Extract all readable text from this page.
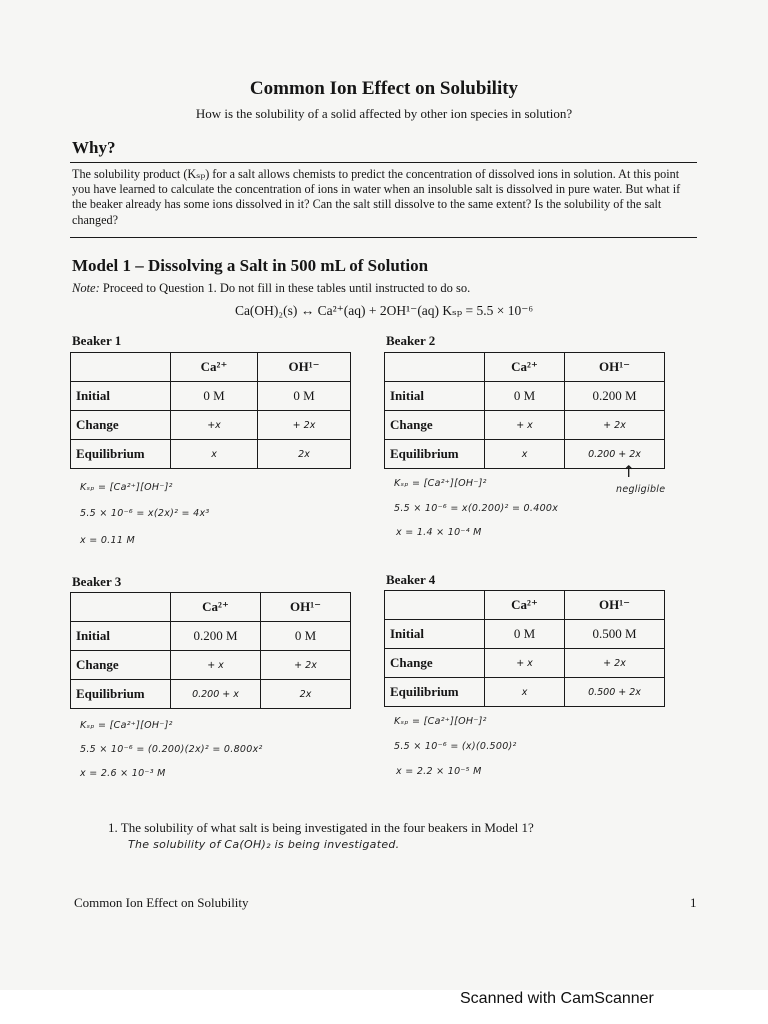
Common Ion Effect on Solubility
How is the solubility of a solid affected by other ion species in solution?
Why?
The solubility product (Kₛₚ) for a salt allows chemists to predict the concentration of dissolved ions in solution. At this point you have learned to calculate the concentration of ions in water when an insoluble salt is dissolved in pure water. But what if the beaker already has some ions dissolved in it? Can the salt still dissolve to the same extent? Is the solubility of the salt changed?
Model 1 – Dissolving a Salt in 500 mL of Solution
Note: Proceed to Question 1. Do not fill in these tables until instructed to do so.
Ca(OH)₂(s) ↔ Ca²⁺(aq) + 2OH¹⁻(aq) Kₛₚ = 5.5 × 10⁻⁶
Beaker 1
	Ca²⁺	OH¹⁻
Initial	0 M	0 M
Change	+x	+ 2x
Equilibrium	x	2x
Kₛₚ = [Ca²⁺][OH⁻]²
5.5 × 10⁻⁶ = x(2x)² = 4x³
x = 0.11 M
Beaker 2
	Ca²⁺	OH¹⁻
Initial	0 M	0.200 M
Change	+ x	+ 2x
Equilibrium	x	0.200 + 2x
↑
negligible
Kₛₚ = [Ca²⁺][OH⁻]²
5.5 × 10⁻⁶ = x(0.200)² = 0.400x
x = 1.4 × 10⁻⁴ M
Beaker 3
	Ca²⁺	OH¹⁻
Initial	0.200 M	0 M
Change	+ x	+ 2x
Equilibrium	0.200 + x	2x
Kₛₚ = [Ca²⁺][OH⁻]²
5.5 × 10⁻⁶ = (0.200)(2x)² = 0.800x²
x = 2.6 × 10⁻³ M
Beaker 4
	Ca²⁺	OH¹⁻
Initial	0 M	0.500 M
Change	+ x	+ 2x
Equilibrium	x	0.500 + 2x
Kₛₚ = [Ca²⁺][OH⁻]²
5.5 × 10⁻⁶ = (x)(0.500)²
x = 2.2 × 10⁻⁵ M
1. The solubility of what salt is being investigated in the four beakers in Model 1?
The solubility of Ca(OH)₂ is being investigated.
Common Ion Effect on Solubility	1
Scanned with CamScanner
